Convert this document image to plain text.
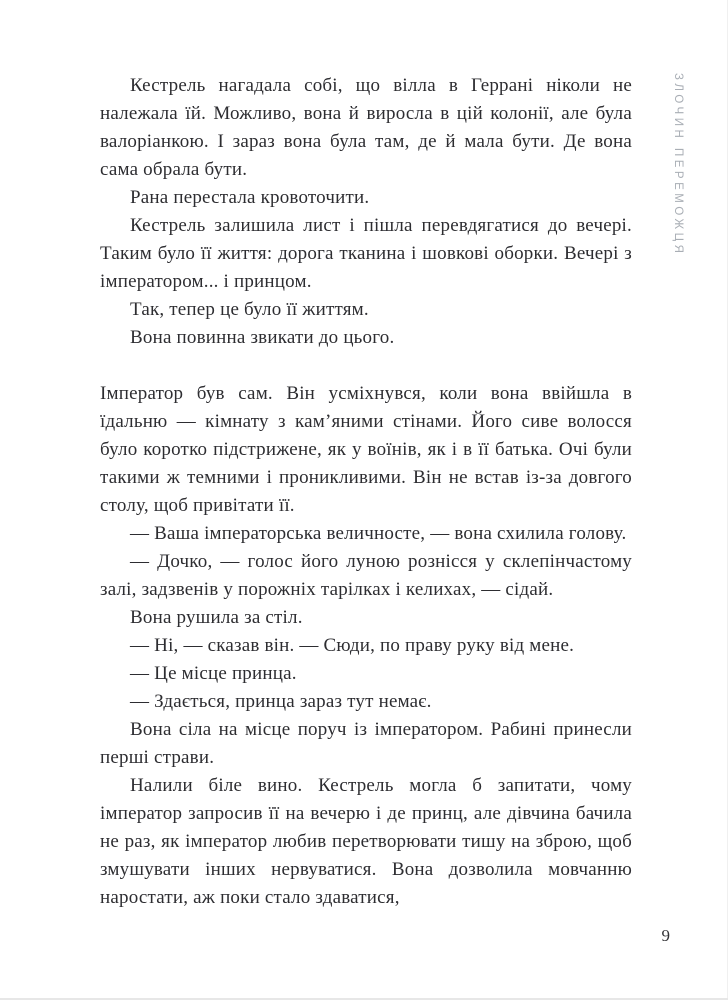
ЗЛОЧИН ПЕРЕМОЖЦЯ

Кестрель нагадала собі, що вілла в Геррані ніколи не належала їй. Можливо, вона й виросла в цій колонії, але була валоріанкою. І зараз вона була там, де й мала бути. Де вона сама обрала бути.

Рана перестала кровоточити.

Кестрель залишила лист і пішла перевдягатися до вечері. Таким було її життя: дорога тканина і шовкові оборки. Вечері з імператором... і принцом.

Так, тепер це було її життям.

Вона повинна звикати до цього.

Імператор був сам. Він усміхнувся, коли вона ввійшла в їдальню — кімнату з кам’яними стінами. Його сиве волосся було коротко підстрижене, як у воїнів, як і в її батька. Очі були такими ж темними і проникливими. Він не встав із-за довгого столу, щоб привітати її.

— Ваша імператорська величносте, — вона схилила голову.

— Дочко, — голос його луною рознісся у склепінчастому залі, задзвенів у порожніх тарілках і келихах, — сідай.

Вона рушила за стіл.

— Ні, — сказав він. — Сюди, по праву руку від мене.

— Це місце принца.

— Здається, принца зараз тут немає.

Вона сіла на місце поруч із імператором. Рабині принесли перші страви.

Налили біле вино. Кестрель могла б запитати, чому імператор запросив її на вечерю і де принц, але дівчина бачила не раз, як імператор любив перетворювати тишу на зброю, щоб змушувати інших нервуватися. Вона дозволила мовчанню наростати, аж поки стало здаватися,

9
